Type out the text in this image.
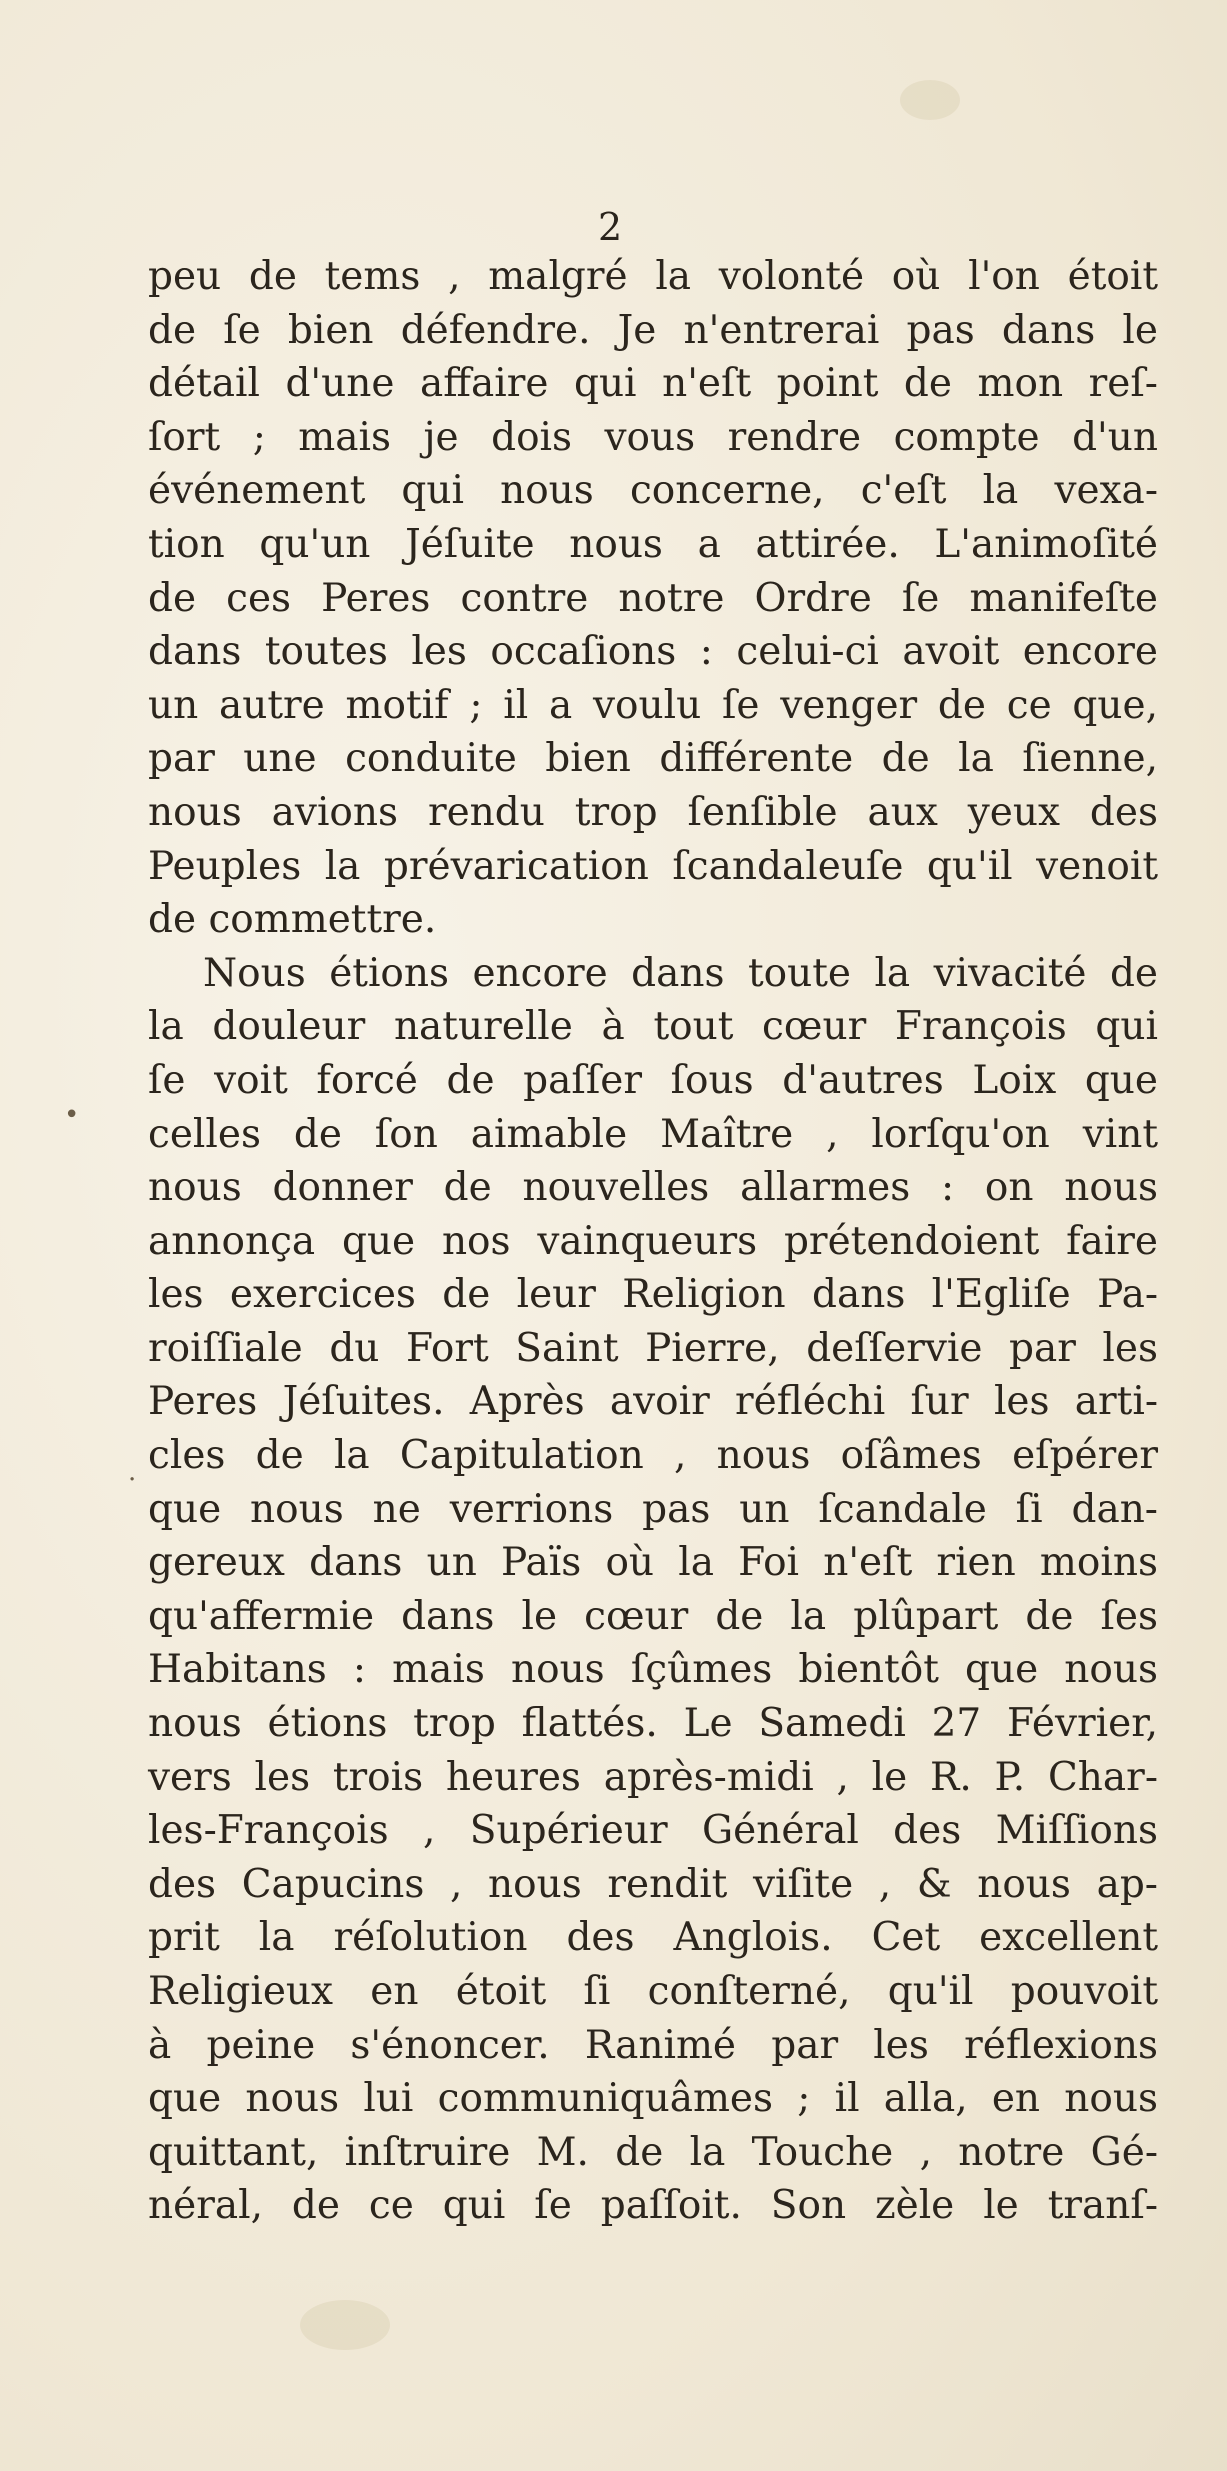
2
•
·
peu de tems , malgré la volonté où l'on étoit
de ſe bien défendre. Je n'entrerai pas dans le
détail d'une affaire qui n'eſt point de mon reſ-
ſort ; mais je dois vous rendre compte d'un
événement qui nous concerne, c'eſt la vexa-
tion qu'un Jéſuite nous a attirée. L'animoſité
de ces Peres contre notre Ordre ſe manifeſte
dans toutes les occaſions : celui-ci avoit encore
un autre motif ; il a voulu ſe venger de ce que,
par une conduite bien différente de la ſienne,
nous avions rendu trop ſenſible aux yeux des
Peuples la prévarication ſcandaleuſe qu'il venoit
de commettre.
Nous étions encore dans toute la vivacité de
la douleur naturelle à tout cœur François qui
ſe voit forcé de paſſer ſous d'autres Loix que
celles de ſon aimable Maître , lorſqu'on vint
nous donner de nouvelles allarmes : on nous
annonça que nos vainqueurs prétendoient faire
les exercices de leur Religion dans l'Egliſe Pa-
roiſſiale du Fort Saint Pierre, deſſervie par les
Peres Jéſuites. Après avoir réfléchi ſur les arti-
cles de la Capitulation , nous oſâmes eſpérer
que nous ne verrions pas un ſcandale ſi dan-
gereux dans un Païs où la Foi n'eſt rien moins
qu'affermie dans le cœur de la plûpart de ſes
Habitans : mais nous ſçûmes bientôt que nous
nous étions trop flattés. Le Samedi 27 Février,
vers les trois heures après-midi , le R. P. Char-
les-François , Supérieur Général des Miſſions
des Capucins , nous rendit viſite , & nous ap-
prit la réſolution des Anglois. Cet excellent
Religieux en étoit ſi conſterné, qu'il pouvoit
à peine s'énoncer. Ranimé par les réflexions
que nous lui communiquâmes ; il alla, en nous
quittant, inſtruire M. de la Touche , notre Gé-
néral, de ce qui ſe paſſoit. Son zèle le tranſ-
